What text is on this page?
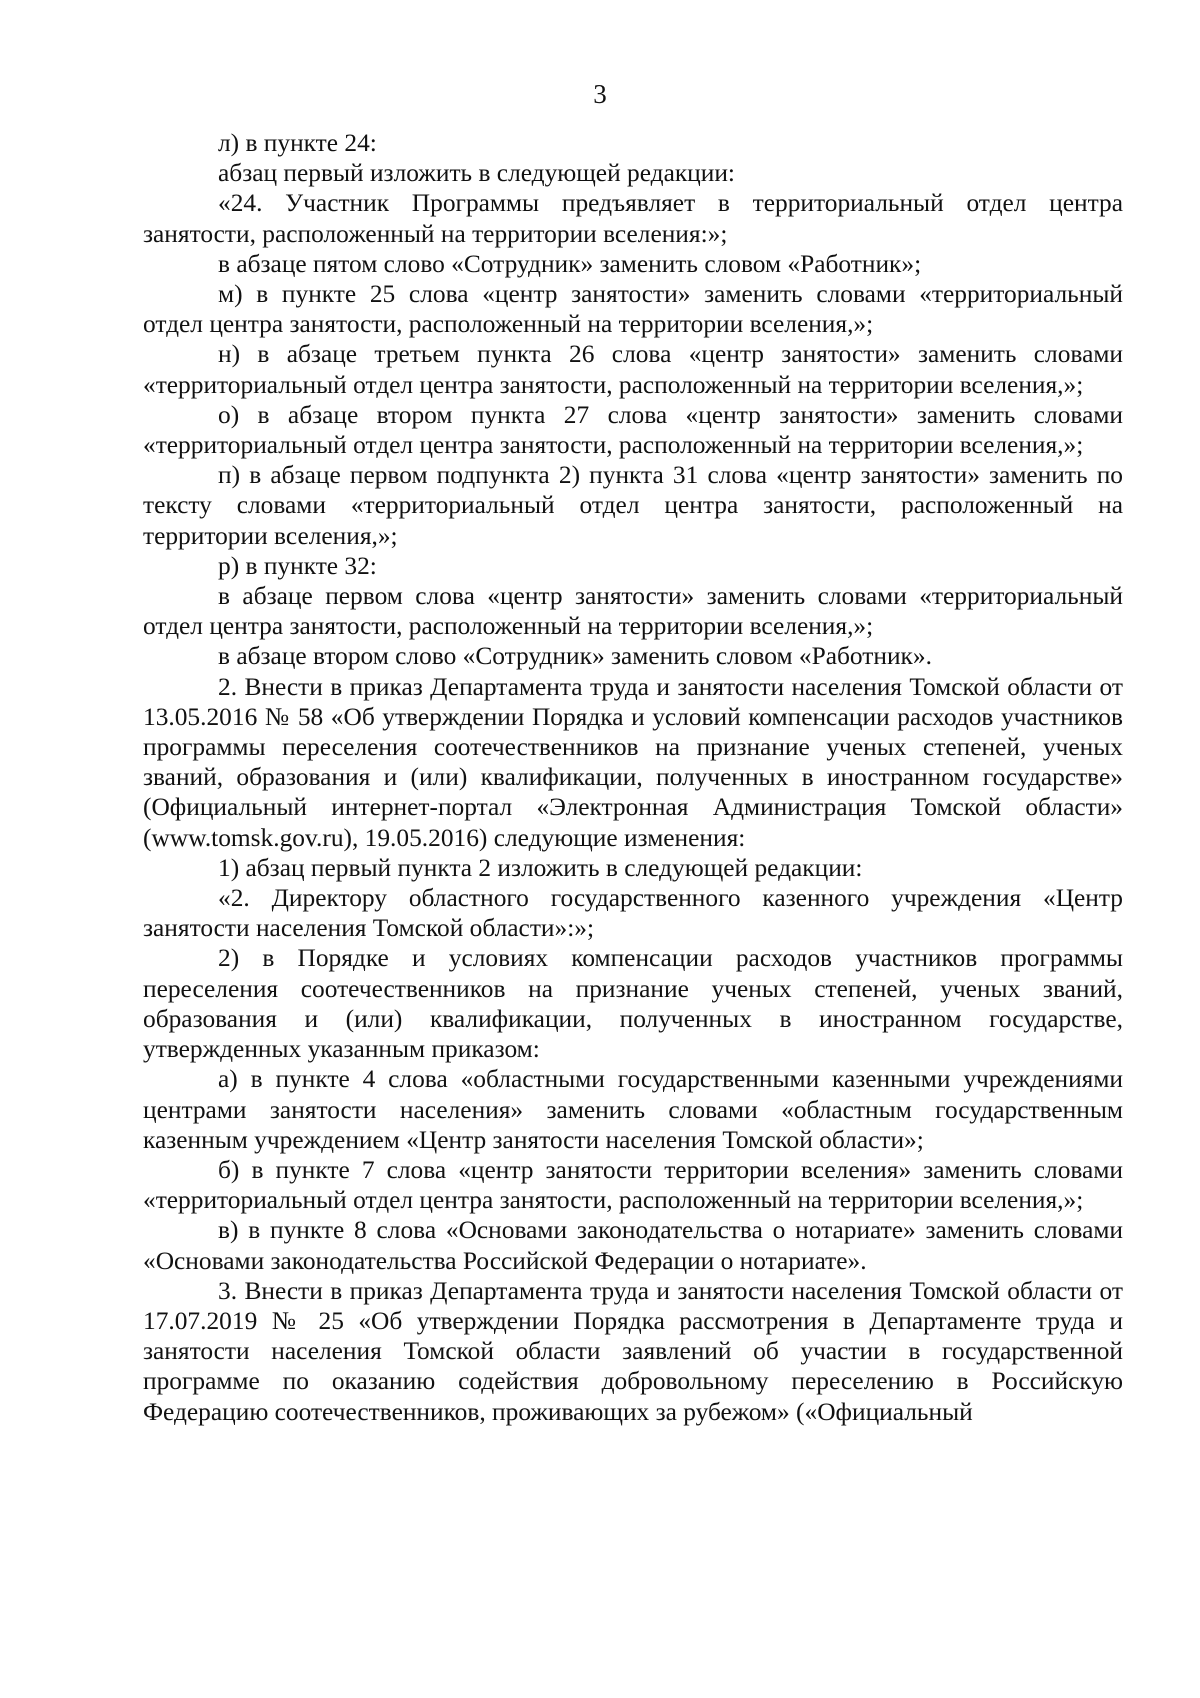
3

л) в пункте 24:

абзац первый изложить в следующей редакции:

«24. Участник Программы предъявляет в территориальный отдел центра занятости, расположенный на территории вселения:»;

в абзаце пятом слово «Сотрудник» заменить словом «Работник»;

м) в пункте 25 слова «центр занятости» заменить словами «территориальный отдел центра занятости, расположенный на территории вселения,»;

н) в абзаце третьем пункта 26 слова «центр занятости» заменить словами «территориальный отдел центра занятости, расположенный на территории вселения,»;

о) в абзаце втором пункта 27 слова «центр занятости» заменить словами «территориальный отдел центра занятости, расположенный на территории вселения,»;

п) в абзаце первом подпункта 2) пункта 31 слова «центр занятости» заменить по тексту словами «территориальный отдел центра занятости, расположенный на территории вселения,»;

р) в пункте 32:

в абзаце первом слова «центр занятости» заменить словами «территориальный отдел центра занятости, расположенный на территории вселения,»;

в абзаце втором слово «Сотрудник» заменить словом «Работник».

2. Внести в приказ Департамента труда и занятости населения Томской области от 13.05.2016 № 58 «Об утверждении Порядка и условий компенсации расходов участников программы переселения соотечественников на признание ученых степеней, ученых званий, образования и (или) квалификации, полученных в иностранном государстве» (Официальный интернет-портал «Электронная Администрация Томской области» (www.tomsk.gov.ru), 19.05.2016) следующие изменения:

1) абзац первый пункта 2 изложить в следующей редакции:

«2. Директору областного государственного казенного учреждения «Центр занятости населения Томской области»:»;

2) в Порядке и условиях компенсации расходов участников программы переселения соотечественников на признание ученых степеней, ученых званий, образования и (или) квалификации, полученных в иностранном государстве, утвержденных указанным приказом:

а) в пункте 4 слова «областными государственными казенными учреждениями центрами занятости населения» заменить словами «областным государственным казенным учреждением «Центр занятости населения Томской области»;

б) в пункте 7 слова «центр занятости территории вселения» заменить словами «территориальный отдел центра занятости, расположенный на территории вселения,»;

в) в пункте 8 слова «Основами законодательства о нотариате» заменить словами «Основами законодательства Российской Федерации о нотариате».

3. Внести в приказ Департамента труда и занятости населения Томской области от 17.07.2019 № 25 «Об утверждении Порядка рассмотрения в Департаменте труда и занятости населения Томской области заявлений об участии в государственной программе по оказанию содействия добровольному переселению в Российскую Федерацию соотечественников, проживающих за рубежом» («Официальный
